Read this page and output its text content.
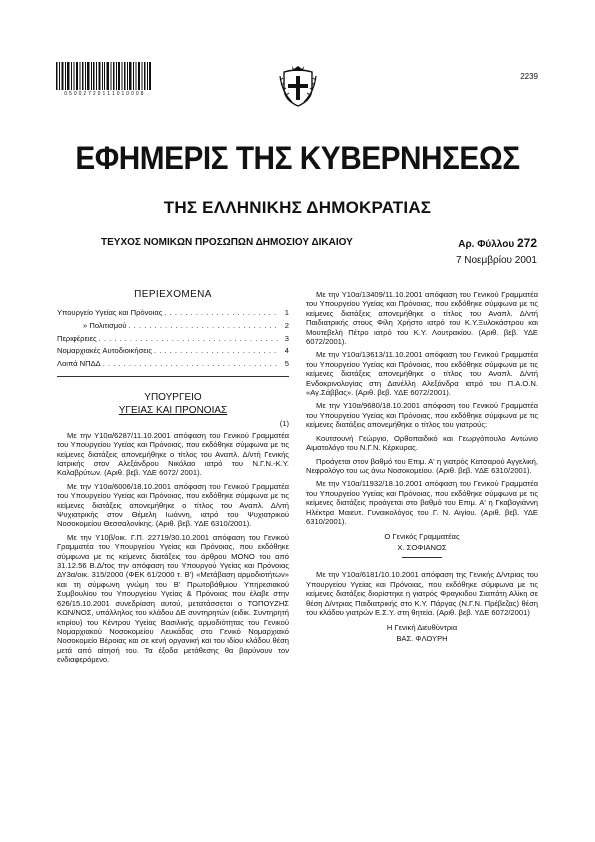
0 5 0 0 2 7 2 0 1 1 1 0 1 0 0 0 8
2239
ΕΦΗΜΕΡΙΣ ΤΗΣ ΚΥΒΕΡΝΗΣΕΩΣ
ΤΗΣ ΕΛΛΗΝΙΚΗΣ ΔΗΜΟΚΡΑΤΙΑΣ
ΤΕΥΧΟΣ ΝΟΜΙΚΩΝ ΠΡΟΣΩΠΩΝ ΔΗΜΟΣΙΟΥ ΔΙΚΑΙΟΥ	Αρ. Φύλλου 272
7 Νοεμβρίου 2001
ΠΕΡΙΕΧΟΜΕΝΑ
Υπουργείο Υγείας και Πρόνοιας . . .	1
» Πολιτισμού . . .	2
Περιφέρειες . . .	3
Νομαρχιακές Αυτοδιοικήσεις . . .	4
Λοιπά ΝΠΔΔ . . .	5
ΥΠΟΥΡΓΕΙΟ
ΥΓΕΙΑΣ ΚΑΙ ΠΡΟΝΟΙΑΣ
(1)

Με την Υ10α/6287/11.10.2001 απόφαση του Γενικού Γραμματέα του Υπουργείου Υγείας και Πρόνοιας, που εκδόθηκε σύμφωνα με τις κείμενες διατάξεις απονεμήθηκε ο τίτλος του Αναπλ. Δ/ντή Γενικής Ιατρικής στον Αλεξάνδρου Νικόλαο ιατρό του Ν.Γ.Ν.-Κ.Υ. Καλαβρύτων. (Αριθ. βεβ. ΥΔΕ 6072/ 2001).

Με την Υ10α/6006/18.10.2001 απόφαση του Γενικού Γραμματέα του Υπουργείου Υγείας και Πρόνοιας, που εκδόθηκε σύμφωνα με τις κείμενες διατάξεις απονεμήθηκε ο τίτλος του Αναπλ. Δ/ντή Ψυχιατρικής στον Θέμελη Ιωάννη, ιατρό του Ψυχιατρικού Νοσοκομείου Θεσσαλονίκης. (Αριθ. βεβ. ΥΔΕ 6310/2001).

Με την Υ10β/οικ. Γ.Π. 22719/30.10.2001 απόφαση του Γενικού Γραμματέα του Υπουργείου Υγείας και Πρόνοιας, που εκδόθηκε σύμφωνα με τις κείμενες διατάξεις του άρθρου ΜΟΝΟ του από 31.12.56 Β.Δ/τος την απόφαση του Υπουργού Υγείας και Πρόνοιας ΔΥ3α/οικ. 315/2000 (ΦΕΚ 61/2000 τ. Β') «Μετάβαση αρμοδιοτήτων» και τη σύμφωνη γνώμη του Β' Πρωτοβάθμιου Υπηρεσιακού Συμβουλίου του Υπουργείου Υγείας & Πρόνοιας που έλαβε στην 626/15.10.2001 συνεδρίαση αυτού, μετατάσσεται ο ΤΟΠΟΥΖΗΣ ΚΩΝ/ΝΟΣ, υπάλληλος του κλάδου ΔΕ συντηρητών (ειδικ. Συντηρητή κτιρίου) του Κέντρου Υγείας Βασιλικής αρμοδιότητας του Γενικού Νομαρχιακού Νοσοκομείου Λευκάδας στο Γενικό Νομαρχιακό Νοσοκομείο Βέροιας και σε κενή οργανική και του ιδίου κλάδου θέση μετά από αίτησή του. Τα έξοδα μετάθεσης θα βαρύνουν τον ενδιαφερόμενο.

Με την Υ10α/13409/11.10.2001 απόφαση του Γενικού Γραμματέα του Υπουργείου Υγείας και Πρόνοιας, που εκδόθηκε σύμφωνα με τις κείμενες διατάξεις απονεμήθηκε ο τίτλος του Αναπλ. Δ/ντή Παιδιατρικής στους Φίλη Χρήστο ιατρό του Κ.Υ.Ξυλοκάστρου και Μουτεβελή Πέτρο ιατρό του Κ.Υ. Λουτρακίου. (Αριθ. βεβ. ΥΔΕ 6072/2001).

Με την Υ10α/13613/11.10.2001 απόφαση του Γενικού Γραμματέα του Υπουργείου Υγείας και Πρόνοιας, που εκδόθηκε σύμφωνα με τις κείμενες διατάξεις απονεμήθηκε ο τίτλος του Αναπλ. Δ/ντή Ενδοκρινολογίας στη Δανέλλη Αλεξάνδρα ιατρό του Π.Α.Ο.Ν. «Αγ.Σάββας». (Αριθ. βεβ. ΥΔΕ 6072/2001).

Με την Υ10α/9680/18.10.2001 απόφαση του Γενικού Γραμματέα του Υπουργείου Υγείας και Πρόνοιας, που εκδόθηκε σύμφωνα με τις κείμενες διατάξεις απονεμήθηκε ο τίτλος του γιατρούς:

Κουτσουνή Γεώργιο, Ορθοπαιδικό και Γεωργόπουλο Αντώνιο Αιματολόγο του Ν.Γ.Ν. Κέρκυρας.

Προάγεται στον βαθμό του Επιμ. Α' η γιατρός Κατσαρού Αγγελική, Νεφρολόγο του ως άνω Νοσοκομείου. (Αριθ. βεβ. ΥΔΕ 6310/2001).

Με την Υ10α/11932/18.10.2001 απόφαση του Γενικού Γραμματέα του Υπουργείου Υγείας και Πρόνοιας, που εκδόθηκε σύμφωνα με τις κείμενες διατάξεις προάγεται στο βαθμό του Επιμ. Α' η Γκαβογιάννη Ηλέκτρα Μαιευτ. Γυναικολόγος του Γ. Ν. Αιγίου. (Αριθ. βεβ. ΥΔΕ 6310/2001).

Ο Γενικός Γραμματέας
Χ. ΣΟΦΙΑΝΟΣ

Με την Υ10α/6181/10.10.2001 απόφαση της Γενικής Δ/ντριας του Υπουργείου Υγείας και Πρόνοιας, που εκδόθηκε σύμφωνα με τις κείμενες διατάξεις διορίστηκε η γιατρός Φραγκιδου Σιαπάτη Αλίκη σε θέση Δ/ντριας Παιδιατρικής στο Κ.Υ. Πάργας (Ν.Γ.Ν. Πρέβεζας) θέση του κλάδου γιατρών Ε.Σ.Υ. στη θητεία. (Αριθ. βεβ. ΥΔΕ 6072/2001)

Η Γενική Διευθύντρια
ΒΑΣ. ΦΛΟΥΡΗ
